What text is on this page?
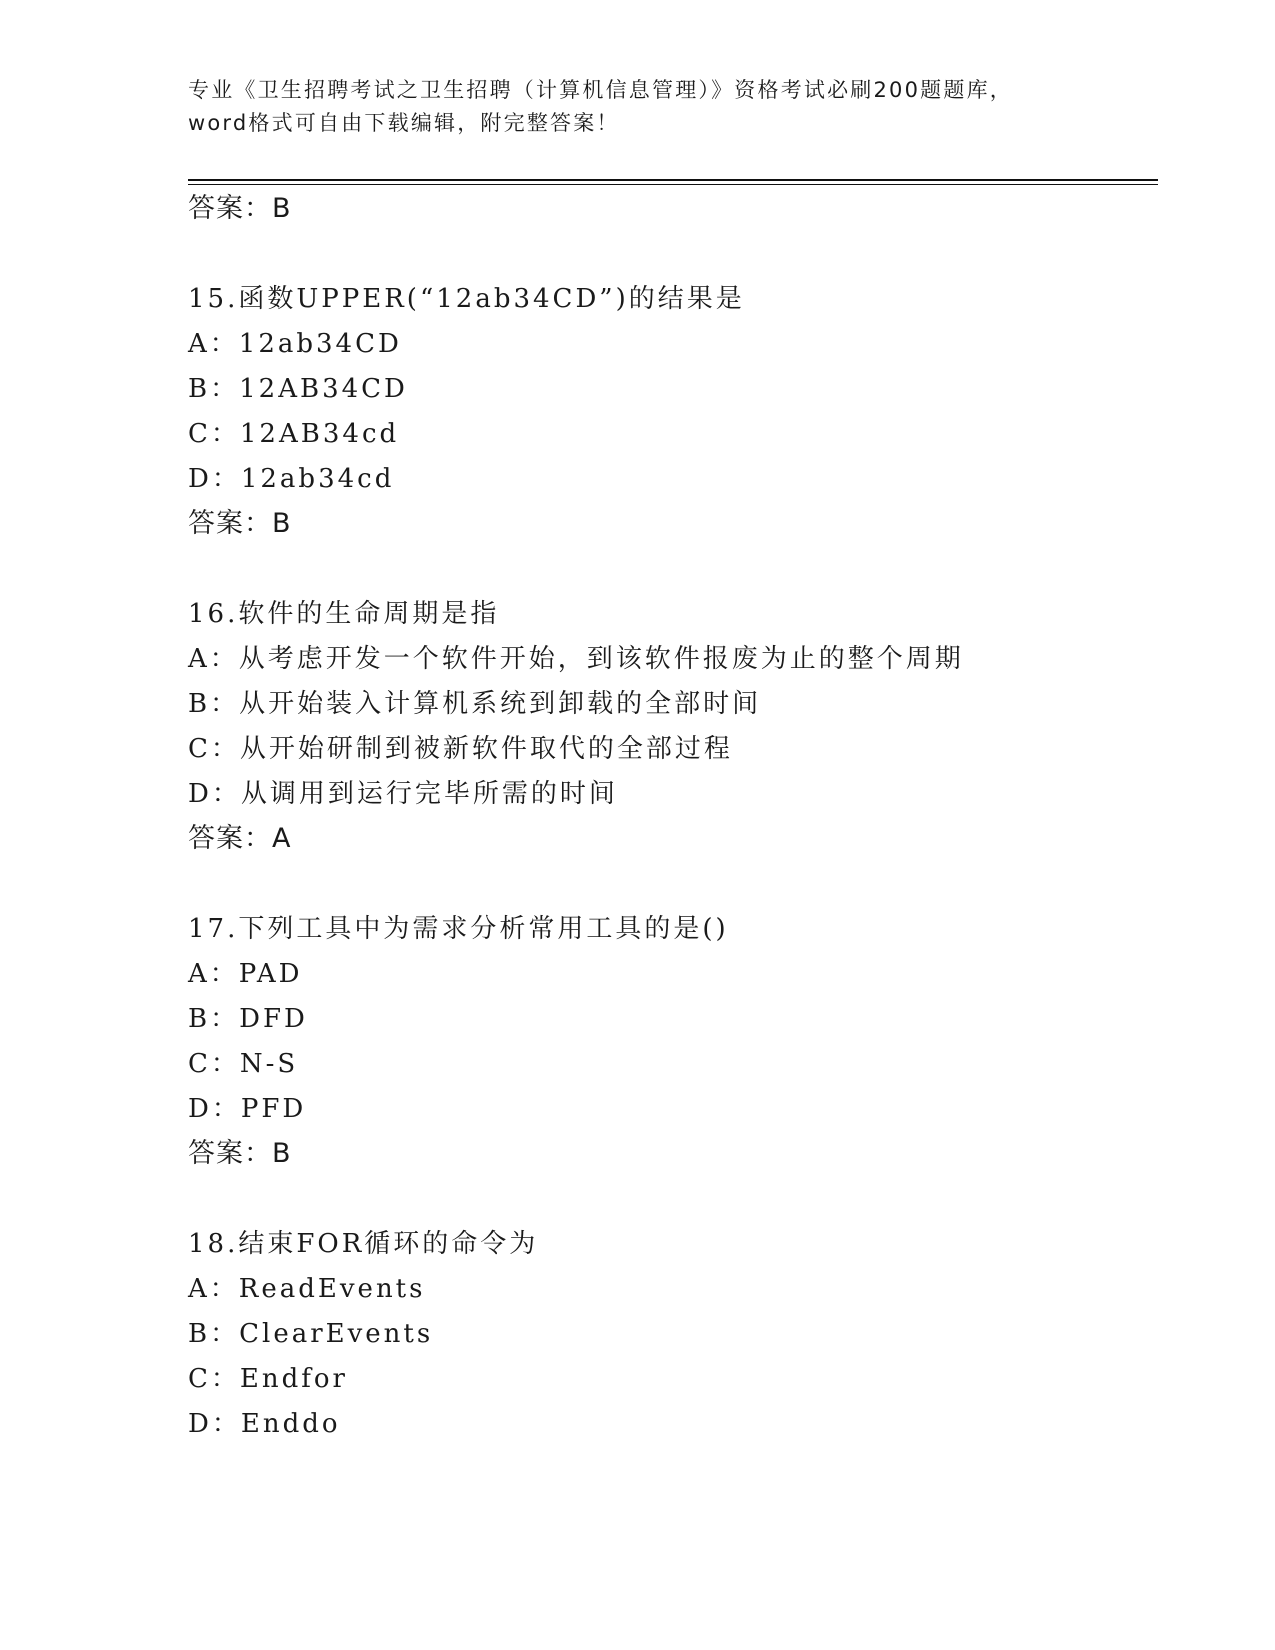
专业《卫生招聘考试之卫生招聘（计算机信息管理）》资格考试必刷200题题库，
word格式可自由下载编辑，附完整答案！
答案：B
15.函数UPPER(“12ab34CD”)的结果是
A：12ab34CD
B：12AB34CD
C：12AB34cd
D：12ab34cd
答案：B
16.软件的生命周期是指
A：从考虑开发一个软件开始，到该软件报废为止的整个周期
B：从开始装入计算机系统到卸载的全部时间
C：从开始研制到被新软件取代的全部过程
D：从调用到运行完毕所需的时间
答案：A
17.下列工具中为需求分析常用工具的是()
A：PAD
B：DFD
C：N-S
D：PFD
答案：B
18.结束FOR循环的命令为
A：ReadEvents
B：ClearEvents
C：Endfor
D：Enddo
